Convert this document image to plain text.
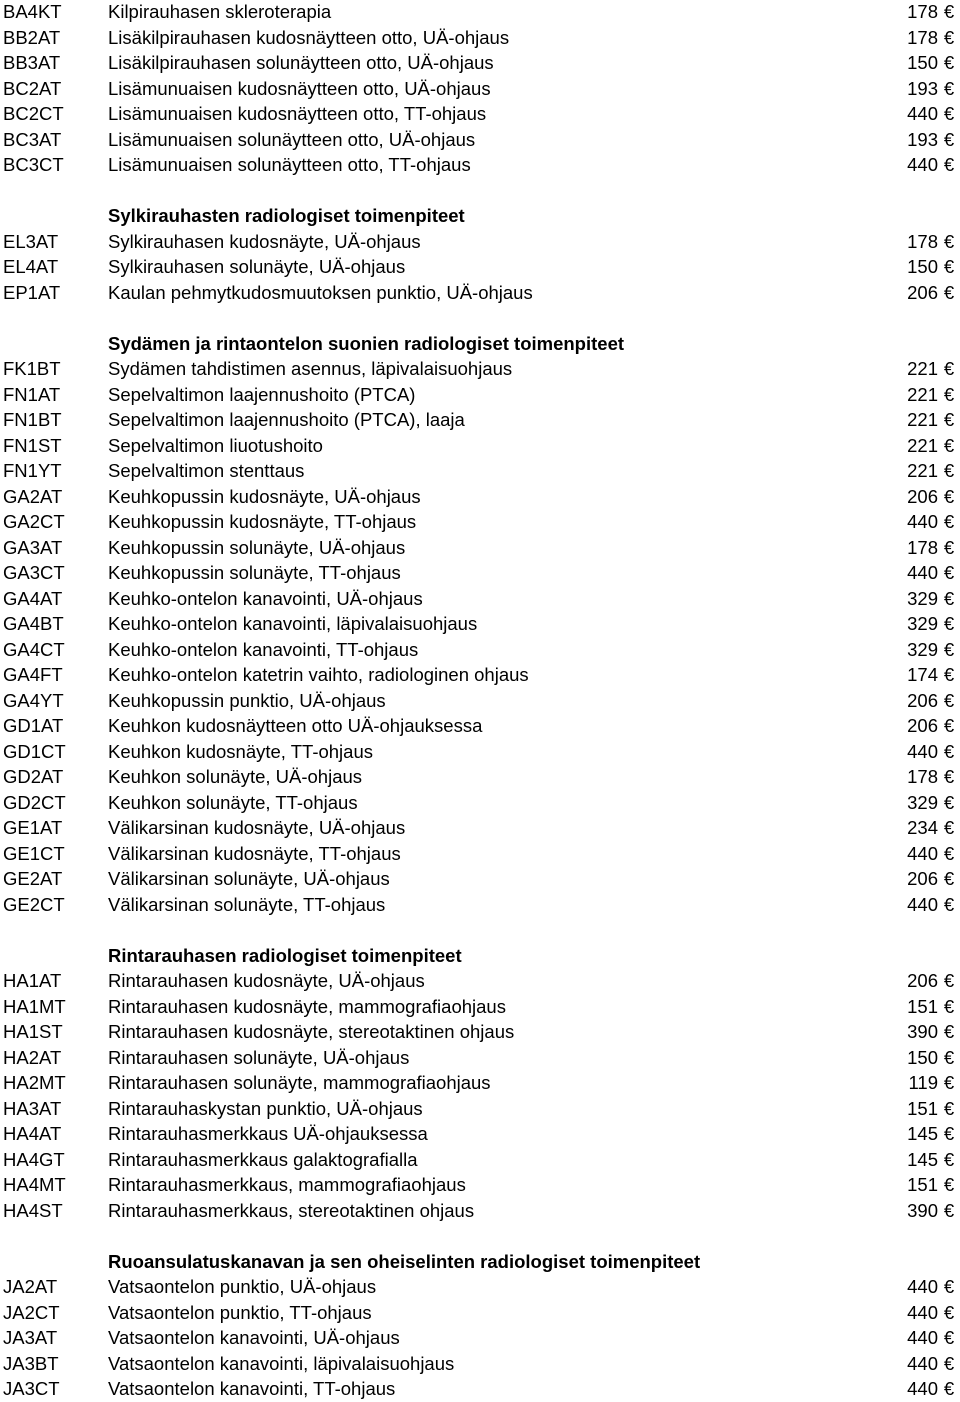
BA4KT	Kilpirauhasen skleroterapia	178 €
BB2AT	Lisäkilpirauhasen kudosnäytteen otto, UÄ-ohjaus	178 €
BB3AT	Lisäkilpirauhasen solunäytteen otto, UÄ-ohjaus	150 €
BC2AT	Lisämunuaisen kudosnäytteen otto, UÄ-ohjaus	193 €
BC2CT Lisämunuaisen kudosnäytteen otto, TT-ohjaus	440 €
BC3AT	Lisämunuaisen solunäytteen otto, UÄ-ohjaus	193 €
BC3CT Lisämunuaisen solunäytteen otto, TT-ohjaus	440 €
Sylkirauhasten radiologiset toimenpiteet
EL3AT	Sylkirauhasen kudosnäyte, UÄ-ohjaus	178 €
EL4AT	Sylkirauhasen solunäyte, UÄ-ohjaus	150 €
EP1AT	Kaulan pehmytkudosmuutoksen punktio, UÄ-ohjaus	206 €
Sydämen ja rintaontelon suonien radiologiset toimenpiteet
FK1BT	Sydämen tahdistimen asennus, läpivalaisuohjaus	221 €
FN1AT	Sepelvaltimon laajennushoito (PTCA)	221 €
FN1BT	Sepelvaltimon laajennushoito (PTCA), laaja	221 €
FN1ST	Sepelvaltimon liuotushoito	221 €
FN1YT	Sepelvaltimon stenttaus	221 €
GA2AT Keuhkopussin kudosnäyte, UÄ-ohjaus	206 €
GA2CT Keuhkopussin kudosnäyte, TT-ohjaus	440 €
GA3AT Keuhkopussin solunäyte, UÄ-ohjaus	178 €
GA3CT Keuhkopussin solunäyte, TT-ohjaus	440 €
GA4AT Keuhko-ontelon kanavointi, UÄ-ohjaus	329 €
GA4BT Keuhko-ontelon kanavointi, läpivalaisuohjaus	329 €
GA4CT Keuhko-ontelon kanavointi, TT-ohjaus	329 €
GA4FT Keuhko-ontelon katetrin vaihto, radiologinen ohjaus	174 €
GA4YT Keuhkopussin punktio, UÄ-ohjaus	206 €
GD1AT Keuhkon kudosnäytteen otto UÄ-ohjauksessa	206 €
GD1CT Keuhkon kudosnäyte, TT-ohjaus	440 €
GD2AT Keuhkon solunäyte, UÄ-ohjaus	178 €
GD2CT Keuhkon solunäyte, TT-ohjaus	329 €
GE1AT Välikarsinan kudosnäyte, UÄ-ohjaus	234 €
GE1CT Välikarsinan kudosnäyte, TT-ohjaus	440 €
GE2AT Välikarsinan solunäyte, UÄ-ohjaus	206 €
GE2CT Välikarsinan solunäyte, TT-ohjaus	440 €
Rintarauhasen radiologiset toimenpiteet
HA1AT	Rintarauhasen kudosnäyte, UÄ-ohjaus	206 €
HA1MT Rintarauhasen kudosnäyte, mammografiaohjaus	151 €
HA1ST Rintarauhasen kudosnäyte, stereotaktinen ohjaus	390 €
HA2AT	Rintarauhasen solunäyte, UÄ-ohjaus	150 €
HA2MT Rintarauhasen solunäyte, mammografiaohjaus	119 €
HA3AT	Rintarauhaskystan punktio, UÄ-ohjaus	151 €
HA4AT	Rintarauhasmerkkaus UÄ-ohjauksessa	145 €
HA4GT Rintarauhasmerkkaus galaktografialla	145 €
HA4MT Rintarauhasmerkkaus, mammografiaohjaus	151 €
HA4ST Rintarauhasmerkkaus, stereotaktinen ohjaus	390 €
Ruoansulatuskanavan ja sen oheiselinten radiologiset toimenpiteet
JA2AT	Vatsaontelon punktio, UÄ-ohjaus	440 €
JA2CT	Vatsaontelon punktio, TT-ohjaus	440 €
JA3AT	Vatsaontelon kanavointi, UÄ-ohjaus	440 €
JA3BT	Vatsaontelon kanavointi, läpivalaisuohjaus	440 €
JA3CT	Vatsaontelon kanavointi, TT-ohjaus	440 €
